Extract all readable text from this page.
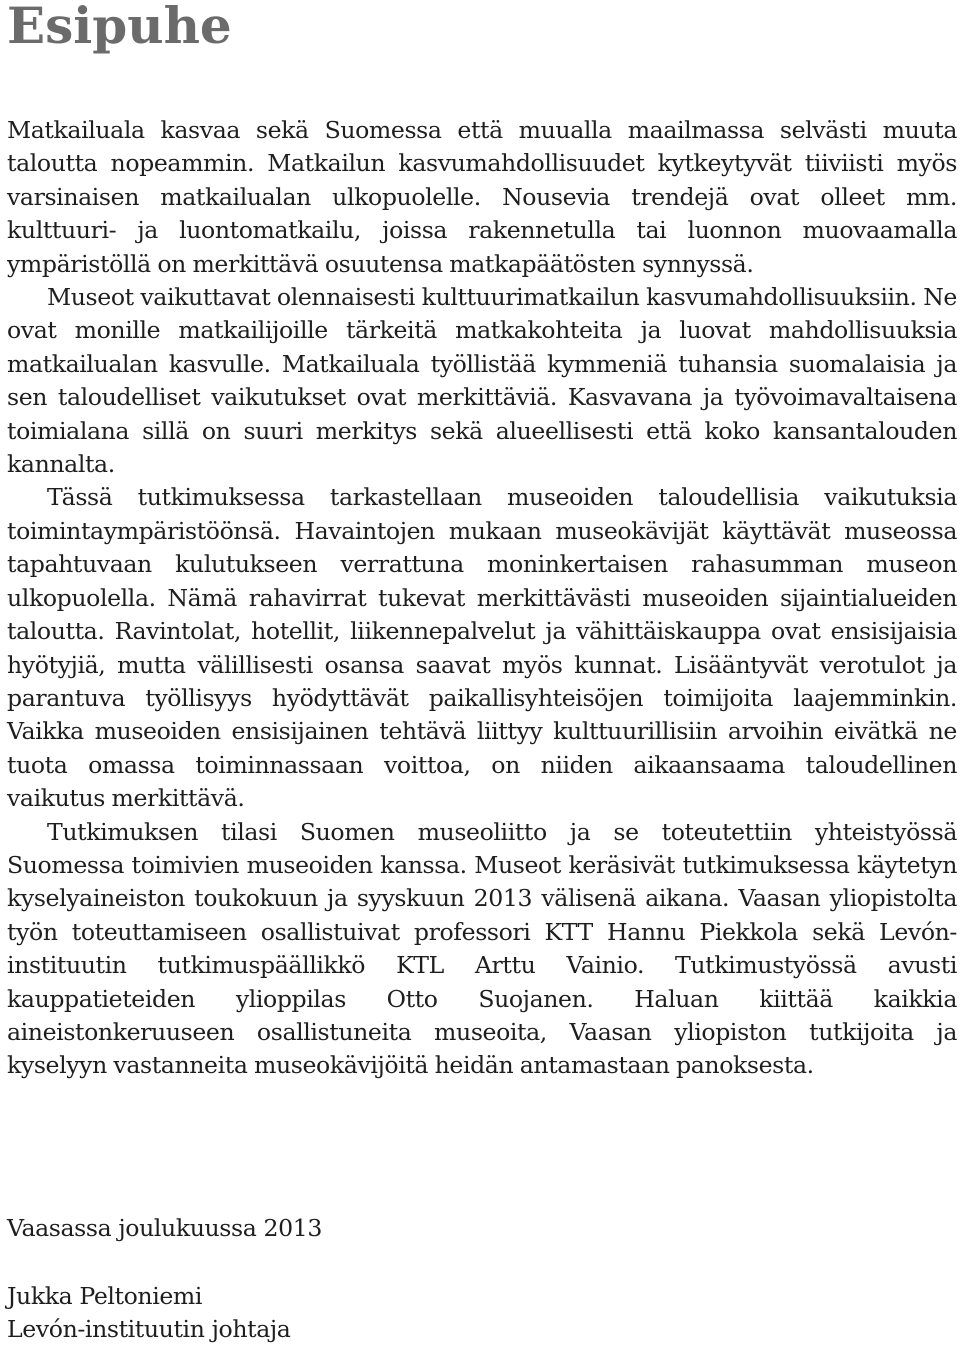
Esipuhe

Matkailuala kasvaa sekä Suomessa että muualla maailmassa selvästi muuta taloutta nopeammin. Matkailun kasvumahdollisuudet kytkeytyvät tiiviisti myös varsinaisen matkailualan ulkopuolelle. Nousevia trendejä ovat olleet mm. kulttuuri- ja luontomatkailu, joissa rakennetulla tai luonnon muovaamalla ympäristöllä on merkittävä osuutensa matkapäätösten synnyssä.

Museot vaikuttavat olennaisesti kulttuurimatkailun kasvumahdollisuuksiin. Ne ovat monille matkailijoille tärkeitä matkakohteita ja luovat mahdollisuuksia matkailualan kasvulle. Matkailuala työllistää kymmeniä tuhansia suomalaisia ja sen taloudelliset vaikutukset ovat merkittäviä. Kasvavana ja työvoimavaltaisena toimialana sillä on suuri merkitys sekä alueellisesti että koko kansantalouden kannalta.

Tässä tutkimuksessa tarkastellaan museoiden taloudellisia vaikutuksia toimintaympäristöönsä. Havaintojen mukaan museokävijät käyttävät museossa tapahtuvaan kulutukseen verrattuna moninkertaisen rahasumman museon ulkopuolella. Nämä rahavirrat tukevat merkittävästi museoiden sijaintialueiden taloutta. Ravintolat, hotellit, liikennepalvelut ja vähittäiskauppa ovat ensisijaisia hyötyjiä, mutta välillisesti osansa saavat myös kunnat. Lisääntyvät verotulot ja parantuva työllisyys hyödyttävät paikallisyhteisöjen toimijoita laajemminkin. Vaikka museoiden ensisijainen tehtävä liittyy kulttuurillisiin arvoihin eivätkä ne tuota omassa toiminnassaan voittoa, on niiden aikaansaama taloudellinen vaikutus merkittävä.

Tutkimuksen tilasi Suomen museoliitto ja se toteutettiin yhteistyössä Suomessa toimivien museoiden kanssa. Museot keräsivät tutkimuksessa käytetyn kyselyaineiston toukokuun ja syyskuun 2013 välisenä aikana. Vaasan yliopistolta työn toteuttamiseen osallistuivat professori KTT Hannu Piekkola sekä Levón-instituutin tutkimuspäällikkö KTL Arttu Vainio. Tutkimustyössä avusti kauppatieteiden ylioppilas Otto Suojanen. Haluan kiittää kaikkia aineistonkeruuseen osallistuneita museoita, Vaasan yliopiston tutkijoita ja kyselyyn vastanneita museokävijöitä heidän antamastaan panoksesta.

Vaasassa joulukuussa 2013
Jukka Peltoniemi
Levón-instituutin johtaja
